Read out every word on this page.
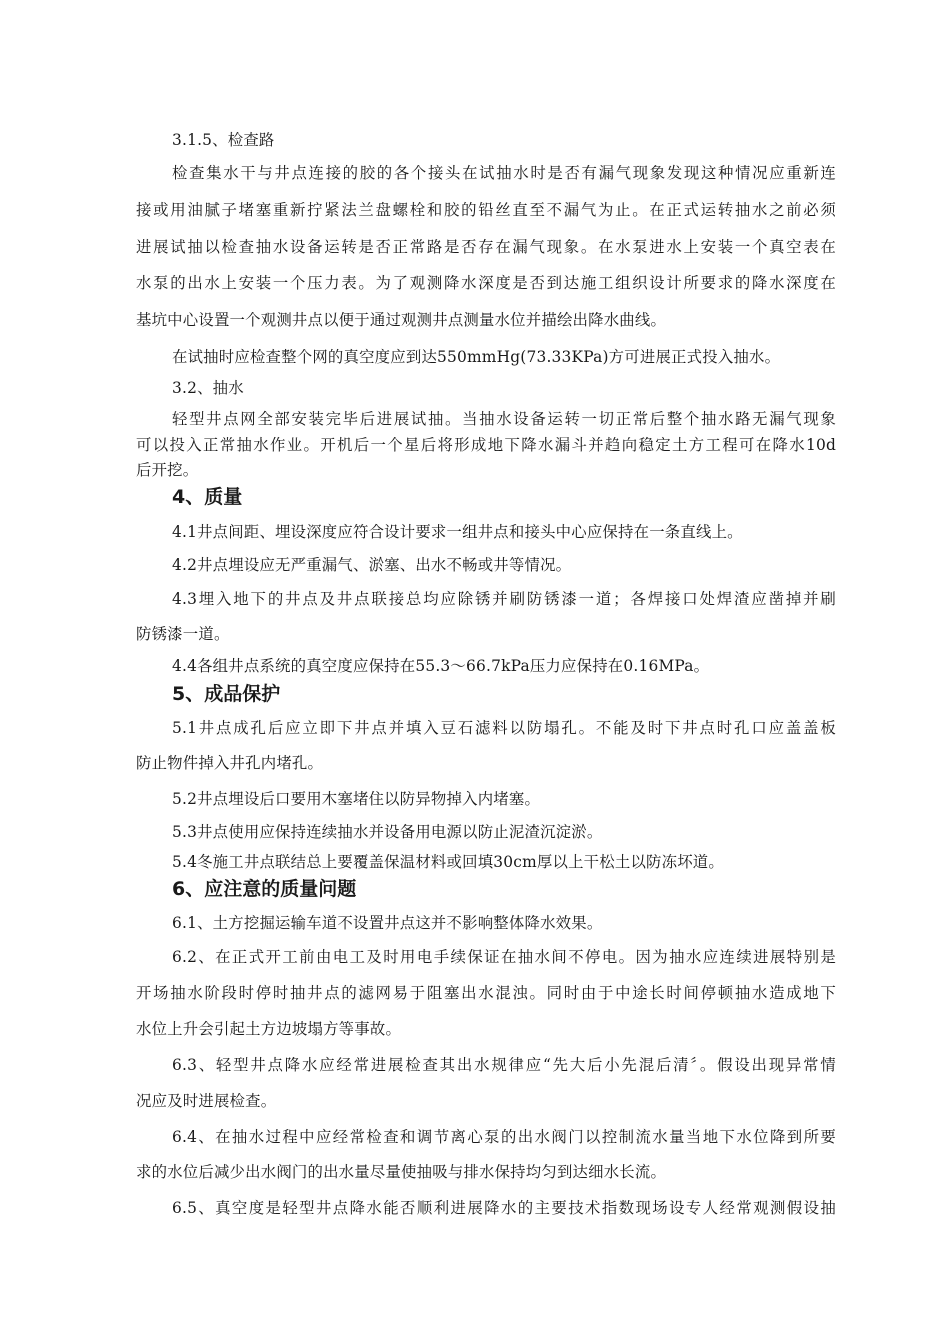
3.1.5、检查路
检查集水干与井点连接的胶的各个接头在试抽水时是否有漏气现象发现这种情况应重新连
接或用油腻子堵塞重新拧紧法兰盘螺栓和胶的铅丝直至不漏气为止。在正式运转抽水之前必须
进展试抽以检查抽水设备运转是否正常路是否存在漏气现象。在水泵进水上安装一个真空表在
水泵的出水上安装一个压力表。为了观测降水深度是否到达施工组织设计所要求的降水深度在
基坑中心设置一个观测井点以便于通过观测井点测量水位并描绘出降水曲线。
在试抽时应检查整个网的真空度应到达550mmHg(73.33KPa)方可进展正式投入抽水。
3.2、抽水
轻型井点网全部安装完毕后进展试抽。当抽水设备运转一切正常后整个抽水路无漏气现象
可以投入正常抽水作业。开机后一个星后将形成地下降水漏斗并趋向稳定土方工程可在降水10d
后开挖。
4、质量
4.1井点间距、埋设深度应符合设计要求一组井点和接头中心应保持在一条直线上。
4.2井点埋设应无严重漏气、淤塞、出水不畅或井等情况。
4.3埋入地下的井点及井点联接总均应除锈并刷防锈漆一道；各焊接口处焊渣应凿掉并刷
防锈漆一道。
4.4各组井点系统的真空度应保持在55.3～66.7kPa压力应保持在0.16MPa。
5、成品保护
5.1井点成孔后应立即下井点并填入豆石滤料以防塌孔。不能及时下井点时孔口应盖盖板
防止物件掉入井孔内堵孔。
5.2井点埋设后口要用木塞堵住以防异物掉入内堵塞。
5.3井点使用应保持连续抽水并设备用电源以防止泥渣沉淀淤。
5.4冬施工井点联结总上要覆盖保温材料或回填30cm厚以上干松土以防冻坏道。
6、应注意的质量问题
6.1、土方挖掘运输车道不设置井点这并不影响整体降水效果。
6.2、在正式开工前由电工及时用电手续保证在抽水间不停电。因为抽水应连续进展特别是
开场抽水阶段时停时抽井点的滤网易于阻塞出水混浊。同时由于中途长时间停顿抽水造成地下
水位上升会引起土方边坡塌方等事故。
6.3、轻型井点降水应经常进展检查其出水规律应“先大后小先混后清〞。假设出现异常情
况应及时进展检查。
6.4、在抽水过程中应经常检查和调节离心泵的出水阀门以控制流水量当地下水位降到所要
求的水位后减少出水阀门的出水量尽量使抽吸与排水保持均匀到达细水长流。
6.5、真空度是轻型井点降水能否顺利进展降水的主要技术指数现场设专人经常观测假设抽
